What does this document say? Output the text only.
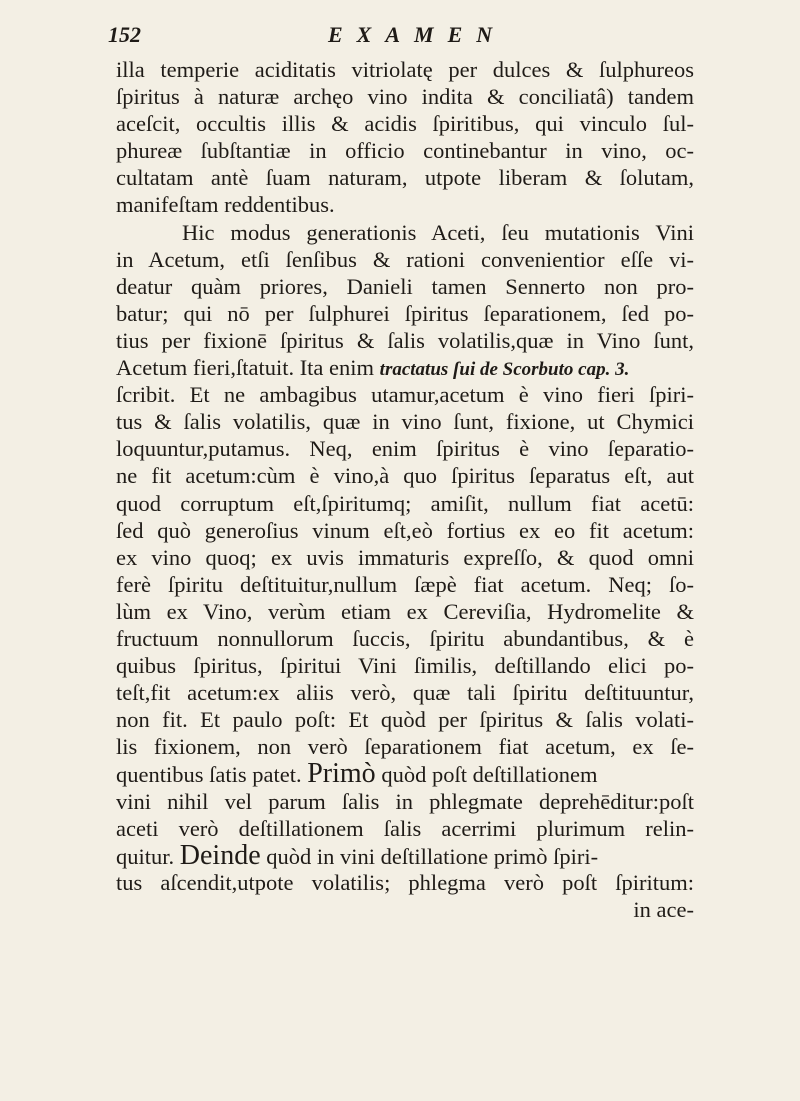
152	EXAMEN
illa temperie aciditatis vitriolatę per dulces & ſulphureos
ſpiritus à naturæ archęo vino indita & conciliatâ) tandem
aceſcit, occultis illis & acidis ſpiritibus, qui vinculo ſul-
phureæ ſubſtantiæ in officio continebantur in vino, oc-
cultatam antè ſuam naturam, utpote liberam & ſolutam,
manifeſtam reddentibus.
Hic modus generationis Aceti, ſeu mutationis Vini
in Acetum, etſi ſenſibus & rationi convenientior eſſe vi-
deatur quàm priores, Danieli tamen Sennerto non pro-
batur; qui nō per ſulphurei ſpiritus ſeparationem, ſed po-
tius per fixionē ſpiritus & ſalis volatilis,quæ in Vino ſunt,
Acetum fieri,ſtatuit. Ita enim tractatus ſui de Scorbuto cap. 3.
ſcribit. Et ne ambagibus utamur,acetum è vino fieri ſpiri-
tus & ſalis volatilis, quæ in vino ſunt, fixione, ut Chymici
loquuntur,putamus. Neq, enim ſpiritus è vino ſeparatio-
ne fit acetum:cùm è vino,à quo ſpiritus ſeparatus eſt, aut
quod corruptum eſt,ſpiritumq; amiſit, nullum fiat acetū:
ſed quò generoſius vinum eſt,eò fortius ex eo fit acetum:
ex vino quoq; ex uvis immaturis expreſſo, & quod omni
ferè ſpiritu deſtituitur,nullum ſæpè fiat acetum. Neq; ſo-
lùm ex Vino, verùm etiam ex Cereviſia, Hydromelite &
fructuum nonnullorum ſuccis, ſpiritu abundantibus, & è
quibus ſpiritus, ſpiritui Vini ſimilis, deſtillando elici po-
teſt,fit acetum:ex aliis verò, quæ tali ſpiritu deſtituuntur,
non fit. Et paulo poſt: Et quòd per ſpiritus & ſalis volati-
lis fixionem, non verò ſeparationem fiat acetum, ex ſe-
quentibus ſatis patet. Primò quòd poſt deſtillationem
vini nihil vel parum ſalis in phlegmate deprehēditur:poſt
aceti verò deſtillationem ſalis acerrimi plurimum relin-
quitur. Deinde quòd in vini deſtillatione primò ſpiri-
tus aſcendit,utpote volatilis; phlegma verò poſt ſpiritum:
in ace-
